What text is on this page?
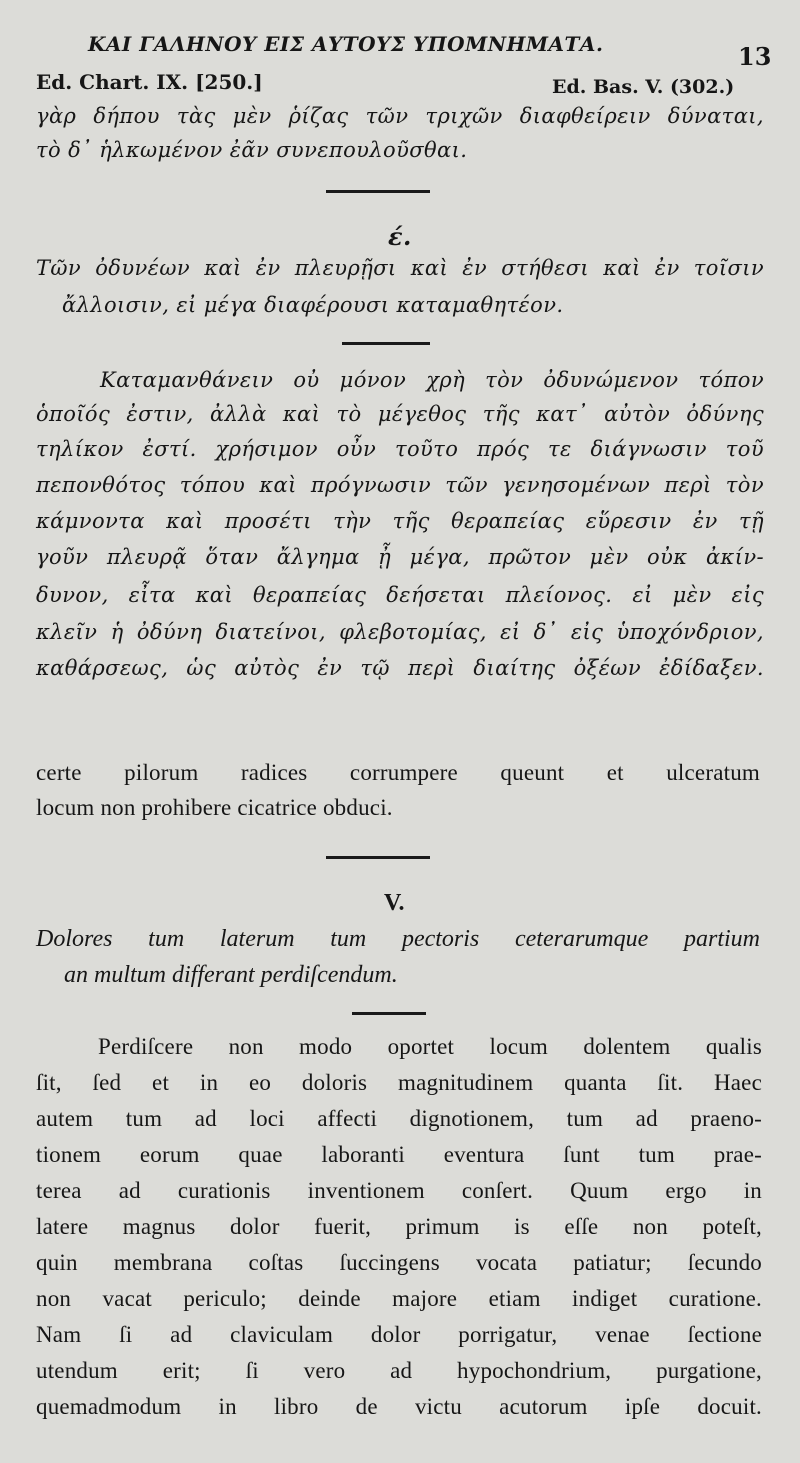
ΚΑΙ ΓΑΛΗΝΟΥ ΕΙΣ ΑΥΤΟΥΣ ΥΠΟΜΝΗΜΑΤΑ.	13
Ed. Chart. IX. [250.]	Ed. Bas. V. (302.)
γὰρ δήπου τὰς μὲν ῥίζας τῶν τριχῶν διαφθείρειν δύναται,
τὸ δ᾽ ἡλκωμένον ἐᾶν συνεπουλοῦσθαι.
έ.
Τῶν ὀδυνέων καὶ ἐν πλευρῇσι καὶ ἐν στήθεσι καὶ ἐν τοῖσιν
ἄλλοισιν, εἰ μέγα διαφέρουσι καταμαθητέον.
Καταμανθάνειν οὐ μόνον χρὴ τὸν ὀδυνώμενον τόπον
ὁποῖός ἐστιν, ἀλλὰ καὶ τὸ μέγεθος τῆς κατ᾽ αὐτὸν ὀδύνης
τηλίκον ἐστί. χρήσιμον οὖν τοῦτο πρός τε διάγνωσιν τοῦ
πεπονθότος τόπου καὶ πρόγνωσιν τῶν γενησομένων περὶ τὸν
κάμνοντα καὶ προσέτι τὴν τῆς θεραπείας εὕρεσιν ἐν τῇ
γοῦν πλευρᾷ ὅταν ἄλγημα ᾖ μέγα, πρῶτον μὲν οὐκ ἀκίν-
δυνον, εἶτα καὶ θεραπείας δεήσεται πλείονος. εἰ μὲν εἰς
κλεῖν ἡ ὀδύνη διατείνοι, φλεβοτομίας, εἰ δ᾽ εἰς ὑποχόνδριον,
καθάρσεως, ὡς αὐτὸς ἐν τῷ περὶ διαίτης ὀξέων ἐδίδαξεν.
certe pilorum radices corrumpere queunt et ulceratum
locum non prohibere cicatrice obduci.
V.
Dolores tum laterum tum pectoris ceterarumque partium
an multum differant perdiſcendum.
Perdiſcere non modo oportet locum dolentem qualis
ſit, ſed et in eo doloris magnitudinem quanta ſit. Haec
autem tum ad loci affecti dignotionem, tum ad praeno-
tionem eorum quae laboranti eventura ſunt tum prae-
terea ad curationis inventionem conſert. Quum ergo in
latere magnus dolor fuerit, primum is eſſe non poteſt,
quin membrana coſtas ſuccingens vocata patiatur; ſecundo
non vacat periculo; deinde majore etiam indiget curatione.
Nam ſi ad claviculam dolor porrigatur, venae ſectione
utendum erit; ſi vero ad hypochondrium, purgatione,
quemadmodum in libro de victu acutorum ipſe docuit.
